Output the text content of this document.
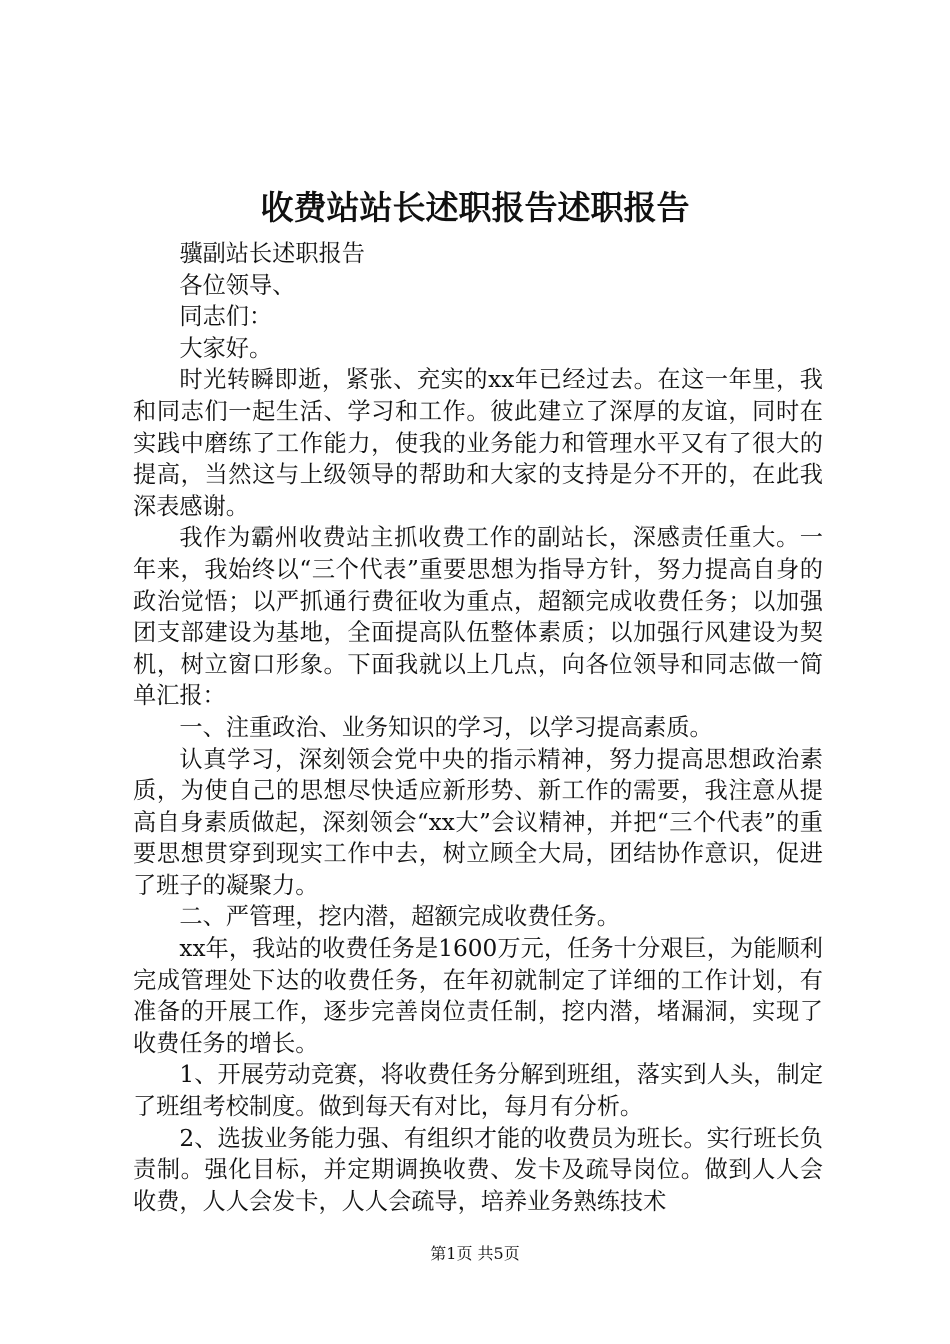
收费站站长述职报告述职报告

骥副站长述职报告

各位领导、

同志们：

大家好。

时光转瞬即逝，紧张、充实的xx年已经过去。在这一年里，我和同志们一起生活、学习和工作。彼此建立了深厚的友谊，同时在实践中磨练了工作能力，使我的业务能力和管理水平又有了很大的提高，当然这与上级领导的帮助和大家的支持是分不开的，在此我深表感谢。

我作为霸州收费站主抓收费工作的副站长，深感责任重大。一年来，我始终以“三个代表”重要思想为指导方针，努力提高自身的政治觉悟；以严抓通行费征收为重点，超额完成收费任务；以加强团支部建设为基地，全面提高队伍整体素质；以加强行风建设为契机，树立窗口形象。下面我就以上几点，向各位领导和同志做一简单汇报：

一、注重政治、业务知识的学习，以学习提高素质。

认真学习，深刻领会党中央的指示精神，努力提高思想政治素质，为使自己的思想尽快适应新形势、新工作的需要，我注意从提高自身素质做起，深刻领会“xx大”会议精神，并把“三个代表”的重要思想贯穿到现实工作中去，树立顾全大局，团结协作意识，促进了班子的凝聚力。

二、严管理，挖内潜，超额完成收费任务。

xx年，我站的收费任务是1600万元，任务十分艰巨，为能顺利完成管理处下达的收费任务，在年初就制定了详细的工作计划，有准备的开展工作，逐步完善岗位责任制，挖内潜，堵漏洞，实现了收费任务的增长。

1、开展劳动竞赛，将收费任务分解到班组，落实到人头，制定了班组考校制度。做到每天有对比，每月有分析。

2、选拔业务能力强、有组织才能的收费员为班长。实行班长负责制。强化目标，并定期调换收费、发卡及疏导岗位。做到人人会收费，人人会发卡，人人会疏导，培养业务熟练技术

第1页 共5页
